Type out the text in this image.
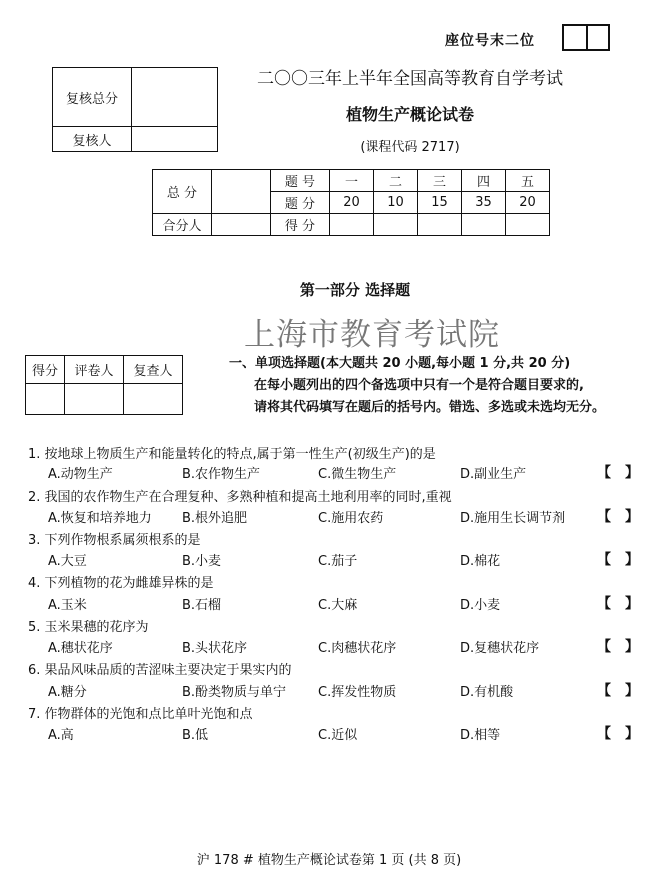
座位号末二位
复核总分	
复核人	
二〇〇三年上半年全国高等教育自学考试
植物生产概论试卷
(课程代码 2717)
总 分		题 号	一	二	三	四	五
		题 分	20	10	15	35	20
合分人		得 分					
第一部分 选择题
上海市教育考试院
得分	评卷人	复查人

一、单项选择题(本大题共 20 小题,每小题 1 分,共 20 分)
在每小题列出的四个备选项中只有一个是符合题目要求的,
请将其代码填写在题后的括号内。错选、多选或未选均无分。
1. 按地球上物质生产和能量转化的特点,属于第一性生产(初级生产)的是
A.动物生产	B.农作物生产	C.微生物生产	D.副业生产	【 】
2. 我国的农作物生产在合理复种、多熟种植和提高土地利用率的同时,重视
A.恢复和培养地力 B.根外追肥	C.施用农药	D.施用生长调节剂 【 】
3. 下列作物根系属须根系的是
A.大豆	B.小麦	C.茄子	D.棉花	【 】
4. 下列植物的花为雌雄异株的是
A.玉米	B.石榴	C.大麻	D.小麦	【 】
5. 玉米果穗的花序为
A.穗状花序	B.头状花序	C.肉穗状花序	D.复穗状花序	【 】
6. 果品风味品质的苦涩味主要决定于果实内的
A.糖分	B.酚类物质与单宁 C.挥发性物质	D.有机酸	【 】
7. 作物群体的光饱和点比单叶光饱和点
A.高	B.低	C.近似	D.相等	【 】
沪 178 # 植物生产概论试卷第 1 页 (共 8 页)
